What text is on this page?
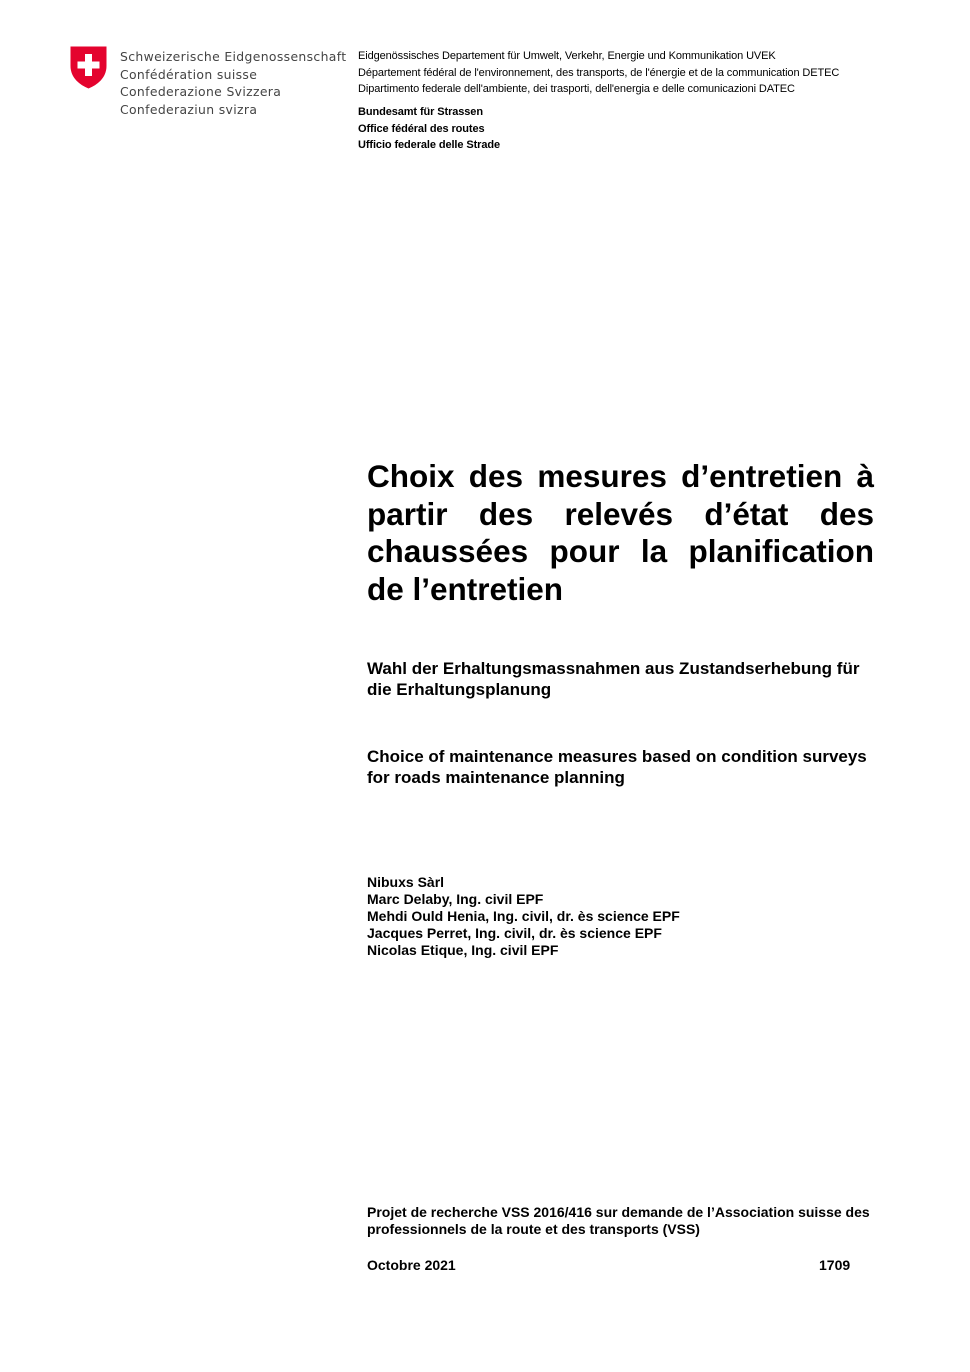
Schweizerische Eidgenossenschaft
Confédération suisse
Confederazione Svizzera
Confederaziun svizra
Eidgenössisches Departement für Umwelt, Verkehr, Energie und Kommunikation UVEK
Département fédéral de l'environnement, des transports, de l'énergie et de la communication DETEC
Dipartimento federale dell'ambiente, dei trasporti, dell'energia e delle comunicazioni DATEC
Bundesamt für Strassen
Office fédéral des routes
Ufficio federale delle Strade
Choix des mesures d’entretien à partir des relevés d’état des chaussées pour la planification de l’entretien

Wahl der Erhaltungsmassnahmen aus Zustandserhebung für die Erhaltungsplanung

Choice of maintenance measures based on condition surveys for roads maintenance planning

Nibuxs Sàrl
Marc Delaby, Ing. civil EPF
Mehdi Ould Henia, Ing. civil, dr. ès science EPF
Jacques Perret, Ing. civil, dr. ès science EPF
Nicolas Etique, Ing. civil EPF
Projet de recherche VSS 2016/416 sur demande de l’Association suisse des professionnels de la route et des transports (VSS)
Octobre 2021	1709
